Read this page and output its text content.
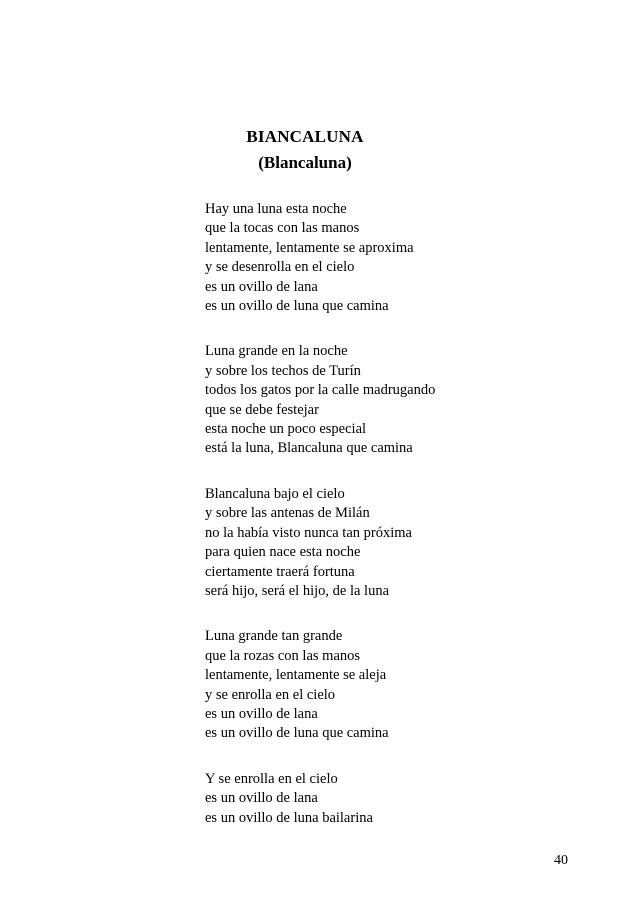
BIANCALUNA
(Blancaluna)
Hay una luna esta noche
que la tocas con las manos
lentamente, lentamente se aproxima
y se desenrolla en el cielo
es un ovillo de lana
es un ovillo de luna que camina
Luna grande en la noche
y sobre los techos de Turín
todos los gatos por la calle madrugando
que se debe festejar
esta noche un poco especial
está la luna, Blancaluna que camina
Blancaluna bajo el cielo
y sobre las antenas de Milán
no la había visto nunca tan próxima
para quien nace esta noche
ciertamente traerá fortuna
será hijo, será el hijo, de la luna
Luna grande tan grande
que la rozas con las manos
lentamente, lentamente se aleja
y se enrolla en el cielo
es un ovillo de lana
es un ovillo de luna que camina
Y se enrolla en el cielo
es un ovillo de lana
es un ovillo de luna bailarina
40
